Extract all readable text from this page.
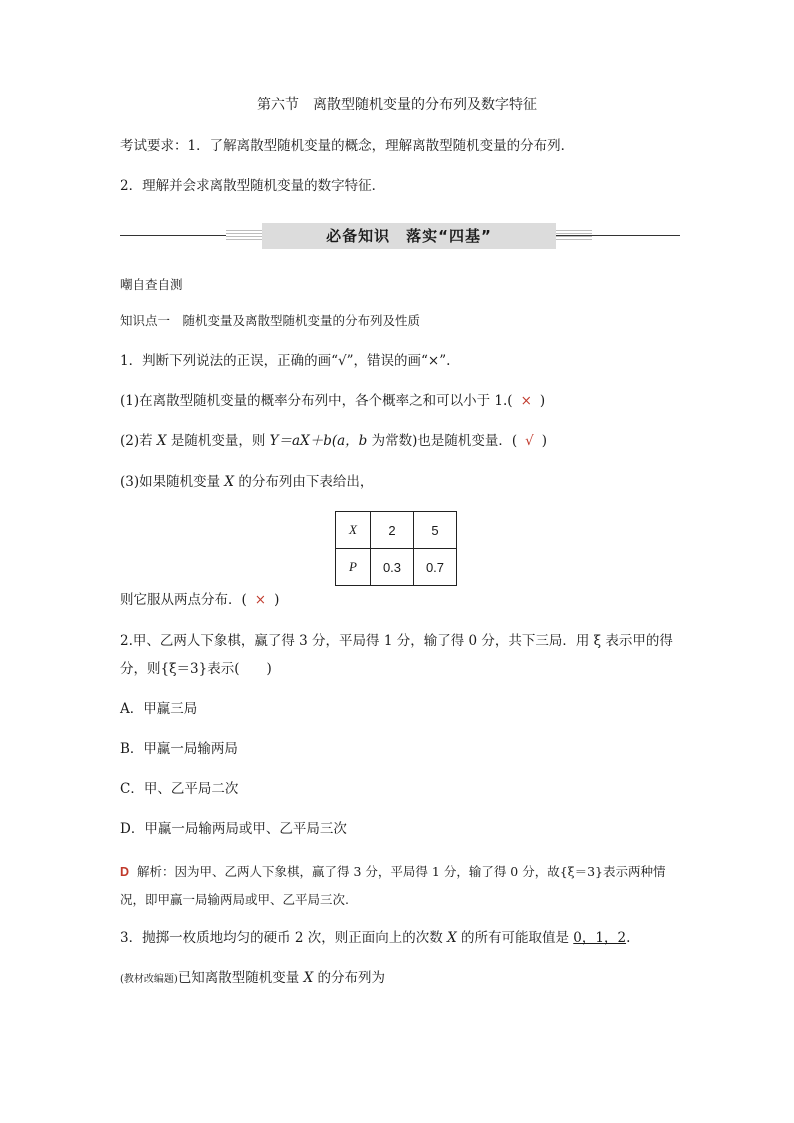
第六节　离散型随机变量的分布列及数字特征
考试要求：1．了解离散型随机变量的概念，理解离散型随机变量的分布列．
2．理解并会求离散型随机变量的数字特征．
必备知识　落实“四基”
嘲自查自测
知识点一　随机变量及离散型随机变量的分布列及性质
1．判断下列说法的正误，正确的画“√”，错误的画“×”.
(1)在离散型随机变量的概率分布列中，各个概率之和可以小于 1.( × )
(2)若 X 是随机变量，则 Y＝aX＋b(a，b 为常数)也是随机变量．( √ )
(3)如果随机变量 X 的分布列由下表给出，
X	2	5
P	0.3	0.7
则它服从两点分布．( × )
2.甲、乙两人下象棋，赢了得 3 分，平局得 1 分，输了得 0 分，共下三局．用 ξ 表示甲的得
分，则{ξ＝3}表示(　　)
A．甲赢三局
B．甲赢一局输两局
C．甲、乙平局二次
D．甲赢一局输两局或甲、乙平局三次
D 解析：因为甲、乙两人下象棋，赢了得 3 分，平局得 1 分，输了得 0 分，故{ξ＝3}表示两种情况，即甲赢一局输两局或甲、乙平局三次.
3．抛掷一枚质地均匀的硬币 2 次，则正面向上的次数 X 的所有可能取值是 0，1，2.
(教材改编题)已知离散型随机变量 X 的分布列为
